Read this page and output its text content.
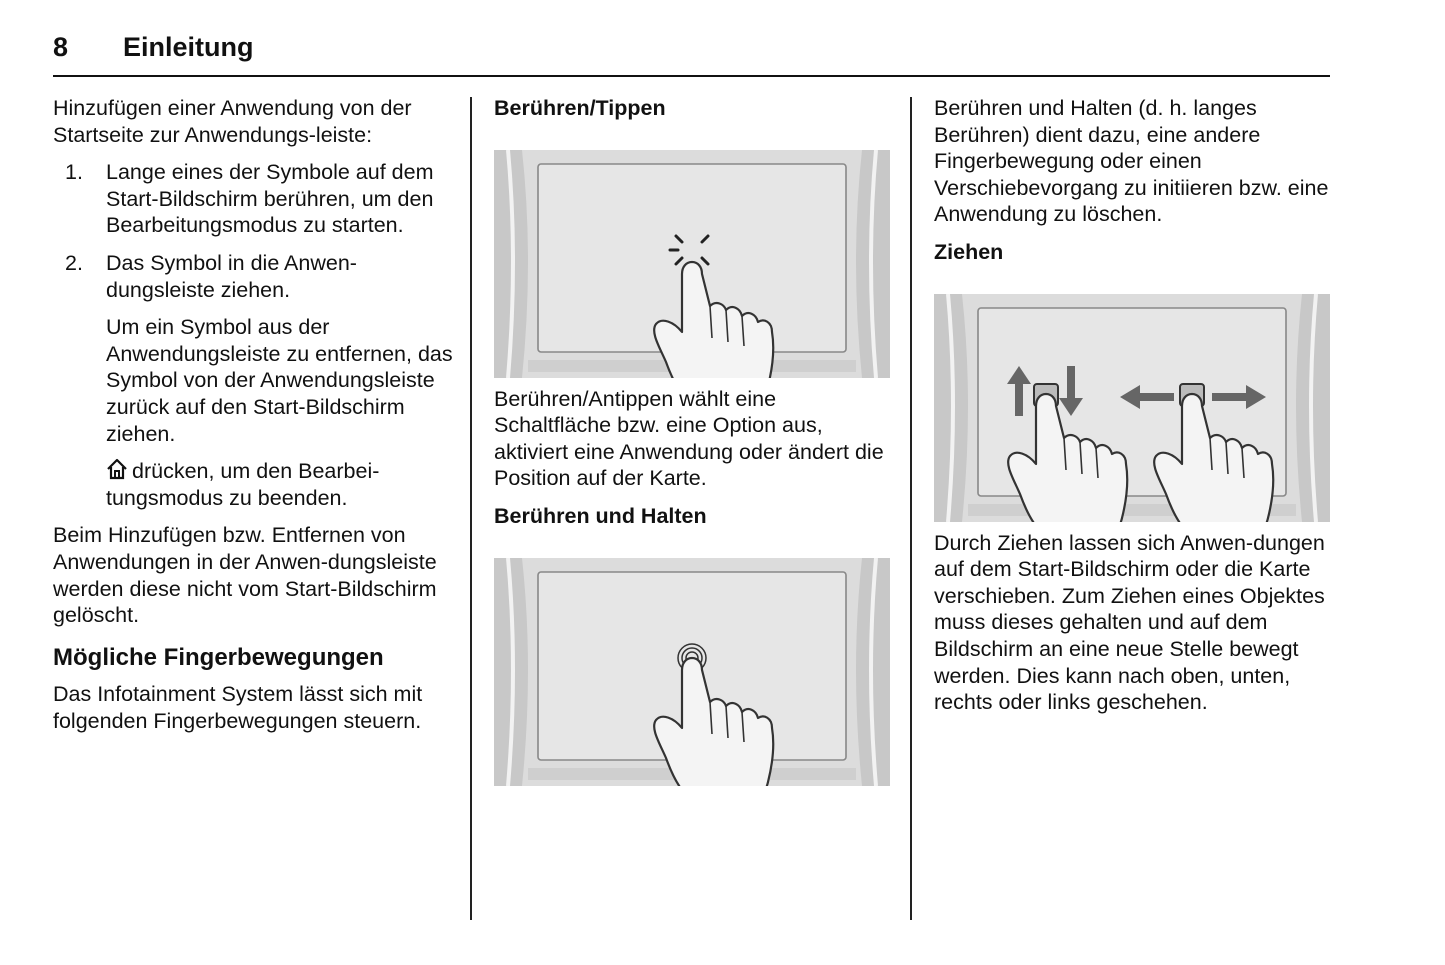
8 Einleitung

Hinzufügen einer Anwendung von der Startseite zur Anwendungs-leiste:

1. Lange eines der Symbole auf dem Start-Bildschirm berühren, um den Bearbeitungsmodus zu starten.
2. Das Symbol in die Anwen-dungsleiste ziehen.

Um ein Symbol aus der Anwendungsleiste zu entfernen, das Symbol von der Anwendungsleiste zurück auf den Start-Bildschirm ziehen.

drücken, um den Bearbei-tungsmodus zu beenden.

Beim Hinzufügen bzw. Entfernen von Anwendungen in der Anwen-dungsleiste werden diese nicht vom Start-Bildschirm gelöscht.

Mögliche Fingerbewegungen

Das Infotainment System lässt sich mit folgenden Fingerbewegungen steuern.

Berühren/Tippen

Berühren/Antippen wählt eine Schaltfläche bzw. eine Option aus, aktiviert eine Anwendung oder ändert die Position auf der Karte.

Berühren und Halten

Berühren und Halten (d. h. langes Berühren) dient dazu, eine andere Fingerbewegung oder einen Verschiebevorgang zu initiieren bzw. eine Anwendung zu löschen.

Ziehen

Durch Ziehen lassen sich Anwen-dungen auf dem Start-Bildschirm oder die Karte verschieben. Zum Ziehen eines Objektes muss dieses gehalten und auf dem Bildschirm an eine neue Stelle bewegt werden. Dies kann nach oben, unten, rechts oder links geschehen.
